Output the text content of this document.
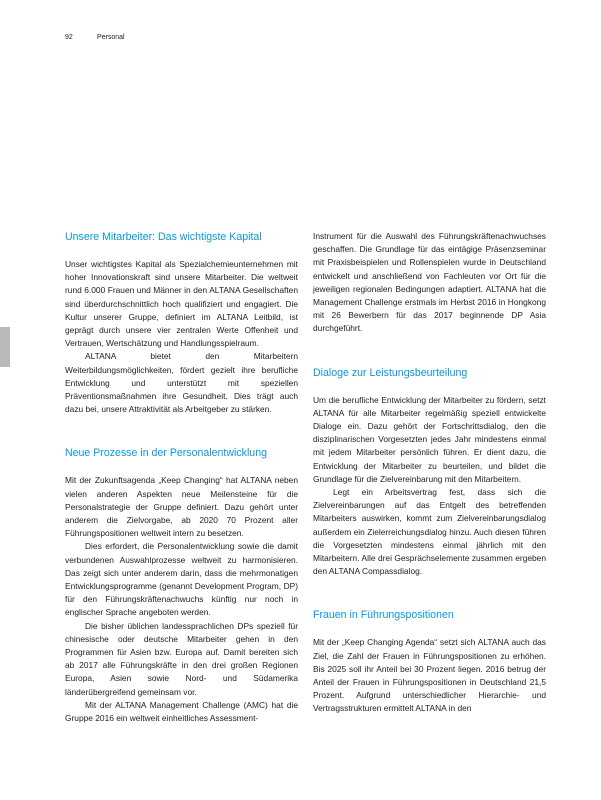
92	Personal
Unsere Mitarbeiter: Das wichtigste Kapital

Unser wichtigstes Kapital als Spezialchemieunternehmen mit hoher Innovationskraft sind unsere Mitarbeiter. Die weltweit rund 6.000 Frauen und Männer in den ALTANA Gesellschaften sind überdurchschnittlich hoch qualifiziert und engagiert. Die Kultur unserer Gruppe, definiert im ALTANA Leitbild, ist geprägt durch unsere vier zentralen Werte Offenheit und Vertrauen, Wertschätzung und Handlungsspielraum.

ALTANA bietet den Mitarbeitern Weiterbildungsmöglichkeiten, fördert gezielt ihre berufliche Entwicklung und unterstützt mit speziellen Präventionsmaßnahmen ihre Gesundheit. Dies trägt auch dazu bei, unsere Attraktivität als Arbeitgeber zu stärken.

Neue Prozesse in der Personalentwicklung

Mit der Zukunftsagenda „Keep Changing“ hat ALTANA neben vielen anderen Aspekten neue Meilensteine für die Personalstrategie der Gruppe definiert. Dazu gehört unter anderem die Zielvorgabe, ab 2020 70 Prozent aller Führungspositionen weltweit intern zu besetzen.

Dies erfordert, die Personalentwicklung sowie die damit verbundenen Auswahlprozesse weltweit zu harmonisieren. Das zeigt sich unter anderem darin, dass die mehrmonatigen Entwicklungsprogramme (genannt Development Program, DP) für den Führungskräftenachwuchs künftig nur noch in englischer Sprache angeboten werden.

Die bisher üblichen landessprachlichen DPs speziell für chinesische oder deutsche Mitarbeiter gehen in den Programmen für Asien bzw. Europa auf. Damit bereiten sich ab 2017 alle Führungskräfte in den drei großen Regionen Europa, Asien sowie Nord- und Südamerika länderübergreifend gemeinsam vor.

Mit der ALTANA Management Challenge (AMC) hat die Gruppe 2016 ein weltweit einheitliches Assessment-

Instrument für die Auswahl des Führungskräftenachwuchses geschaffen. Die Grundlage für das eintägige Präsenzseminar mit Praxisbeispielen und Rollenspielen wurde in Deutschland entwickelt und anschließend von Fachleuten vor Ort für die jeweiligen regionalen Bedingungen adaptiert. ALTANA hat die Management Challenge erstmals im Herbst 2016 in Hongkong mit 26 Bewerbern für das 2017 beginnende DP Asia durchgeführt.

Dialoge zur Leistungsbeurteilung

Um die berufliche Entwicklung der Mitarbeiter zu fördern, setzt ALTANA für alle Mitarbeiter regelmäßig speziell entwickelte Dialoge ein. Dazu gehört der Fortschrittsdialog, den die disziplinarischen Vorgesetzten jedes Jahr mindestens einmal mit jedem Mitarbeiter persönlich führen. Er dient dazu, die Entwicklung der Mitarbeiter zu beurteilen, und bildet die Grundlage für die Zielvereinbarung mit den Mitarbeitern.

Legt ein Arbeitsvertrag fest, dass sich die Zielvereinbarungen auf das Entgelt des betreffenden Mitarbeiters auswirken, kommt zum Zielvereinbarungsdialog außerdem ein Zielerreichungsdialog hinzu. Auch diesen führen die Vorgesetzten mindestens einmal jährlich mit den Mitarbeitern. Alle drei Gesprächselemente zusammen ergeben den ALTANA Compassdialog.

Frauen in Führungspositionen

Mit der „Keep Changing Agenda“ setzt sich ALTANA auch das Ziel, die Zahl der Frauen in Führungspositionen zu erhöhen. Bis 2025 soll ihr Anteil bei 30 Prozent liegen. 2016 betrug der Anteil der Frauen in Führungspositionen in Deutschland 21,5 Prozent. Aufgrund unterschiedlicher Hierarchie- und Vertragsstrukturen ermittelt ALTANA in den
